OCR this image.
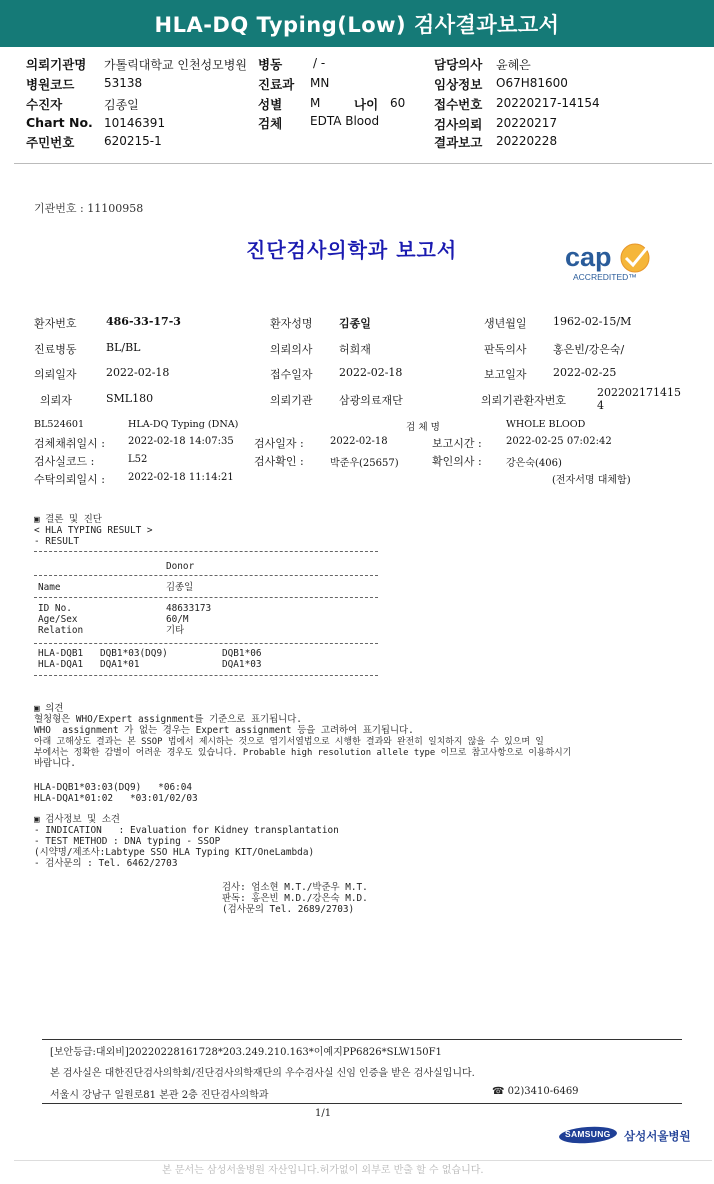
HLA-DQ Typing(Low) 검사결과보고서
의뢰기관명 가톨릭대학교 인천성모병원 병동	/ -	담당의사 윤혜은
병원코드 53138	진료과 MN	임상정보 O67H81600
수진자	김종일	성별 M	나이 60 접수번호 20220217-14154
Chart No. 10146391	검체 EDTA Blood	검사의뢰 20220217
주민번호 620215-1	결과보고 20220228
기관번호 : 11100958
진단검사의학과 보고서	cap
ACCREDITED™
환자번호	486-33-17-3	환자성명 김종일	생년월일 1962-02-15/M
진료병동	BL/BL	의뢰의사 허희재	판독의사 홍은빈/강은숙/
의뢰일자	2022-02-18	접수일자 2022-02-18	보고일자 2022-02-25
의뢰자	SML180	의뢰기관 삼광의료재단	의뢰기관환자번호
202202171415
4
BL524601	HLA-DQ Typing (DNA)	검 체 명	WHOLE BLOOD
검체채취일시 : 2022-02-18 14:07:35 검사일자 :	2022-02-18	보고시간 : 2022-02-25 07:02:42
검사실코드 :	L52	검사확인 :	박준우(25657)	확인의사 : 강은숙(406)
수탁의뢰일시 : 2022-02-18 11:14:21	(전자서명 대체함)
▣ 결론 및 진단
< HLA TYPING RESULT >
- RESULT
Donor
Name	김종일
ID No.	48633173
Age/Sex	60/M
Relation	기타
HLA-DQB1 DQB1*03(DQ9)	DQB1*06
HLA-DQA1 DQA1*01	DQA1*03
▣ 의견
혈청형은 WHO/Expert assignment를 기준으로 표기됩니다.
WHO  assignment 가 없는 경우는 Expert assignment 등을 고려하여 표기됩니다.
아래 고해상도 결과는 본 SSOP 법에서 제시하는 것으로 염기서열법으로 시행한 결과와 완전히 일치하지 않을 수 있으며 일
부에서는 정확한 감별이 어려운 경우도 있습니다. Probable high resolution allele type 이므로 참고사항으로 이용하시기
바랍니다.
HLA-DQB1*03:03(DQ9)   *06:04
HLA-DQA1*01:02   *03:01/02/03
▣ 검사정보 및 소견
- INDICATION   : Evaluation for Kidney transplantation
- TEST METHOD : DNA typing - SSOP
(시약명/제조사:Labtype SSO HLA Typing KIT/OneLambda)
- 검사문의 : Tel. 6462/2703
검사: 엄소현 M.T./박준우 M.T.
판독: 홍은빈 M.D./강은숙 M.D.
(검사문의 Tel. 2689/2703)
[보안등급:대외비]20220228161728*203.249.210.163*이예지PP6826*SLW150F1
본 검사실은 대한진단검사의학회/진단검사의학재단의 우수검사실 신임 인증을 받은 검사실입니다.
서울시 강남구 일원로81 본관 2층 진단검사의학과	☎ 02)3410-6469
1/1
SAMSUNG 삼성서울병원
본 문서는 삼성서울병원 자산입니다.허가없이 외부로 반출 할 수 없습니다.
